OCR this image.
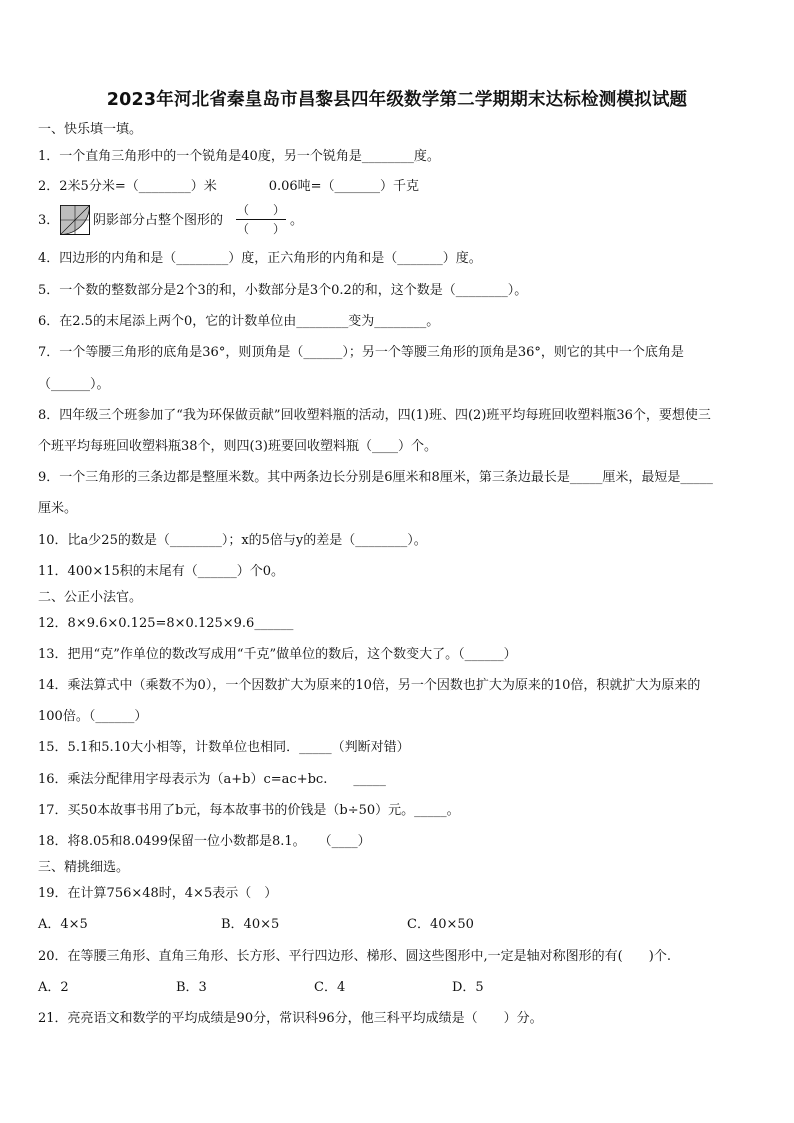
2023年河北省秦皇岛市昌黎县四年级数学第二学期期末达标检测模拟试题
一、快乐填一填。
1．一个直角三角形中的一个锐角是40度，另一个锐角是________度。
2．2米5分米=（________）米　　　　0.06吨=（_______）千克
3．	阴影部分占整个图形的
（　　）
（　　）
。
4．四边形的内角和是（________）度，正六角形的内角和是（_______）度。
5．一个数的整数部分是2个3的和，小数部分是3个0.2的和，这个数是（________）。
6．在2.5的末尾添上两个0，它的计数单位由________变为________。
7．一个等腰三角形的底角是36°，则顶角是（______）；另一个等腰三角形的顶角是36°，则它的其中一个底角是
（______）。
8．四年级三个班参加了“我为环保做贡献”回收塑料瓶的活动，四(1)班、四(2)班平均每班回收塑料瓶36个，要想使三
个班平均每班回收塑料瓶38个，则四(3)班要回收塑料瓶（____）个。
9．一个三角形的三条边都是整厘米数。其中两条边长分别是6厘米和8厘米，第三条边最长是_____厘米，最短是_____
厘米。
10．比a少25的数是（________）；x的5倍与y的差是（________）。
11．400×15积的末尾有（______）个0。
二、公正小法官。
12．8×9.6×0.125=8×0.125×9.6______
13．把用“克”作单位的数改写成用“千克”做单位的数后，这个数变大了。（______）
14．乘法算式中（乘数不为0），一个因数扩大为原来的10倍，另一个因数也扩大为原来的10倍，积就扩大为原来的
100倍。（______）
15．5.1和5.10大小相等，计数单位也相同．_____（判断对错）
16．乘法分配律用字母表示为（a+b）c=ac+bc.　　_____
17．买50本故事书用了b元，每本故事书的价钱是（b÷50）元。_____。
18．将8.05和8.0499保留一位小数都是8.1。　　（____）
三、精挑细选。
19．在计算756×48时，4×5表示（　）
A．4×5	B．40×5	C．40×50
20．在等腰三角形、直角三角形、长方形、平行四边形、梯形、圆这些图形中,一定是轴对称图形的有(　　)个.
A．2	B．3	C．4	D．5
21．亮亮语文和数学的平均成绩是90分，常识科96分，他三科平均成绩是（　　）分。
